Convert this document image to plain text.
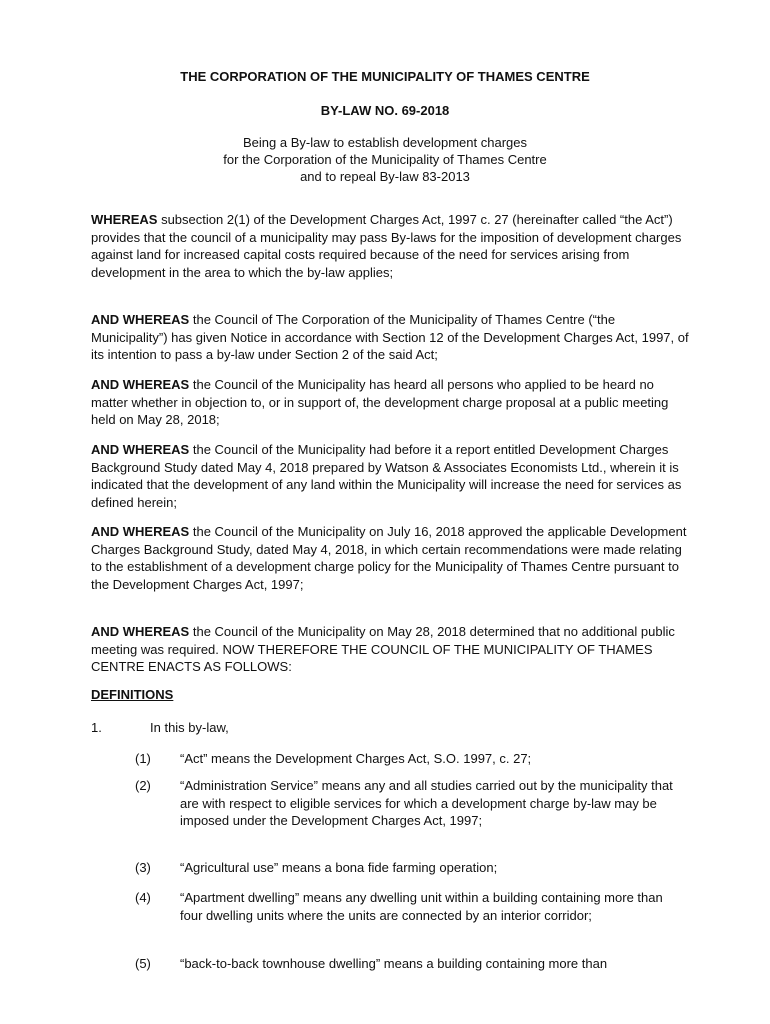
THE CORPORATION OF THE MUNICIPALITY OF THAMES CENTRE
BY-LAW NO. 69-2018
Being a By-law to establish development charges
for the Corporation of the Municipality of Thames Centre
and to repeal By-law 83-2013
WHEREAS subsection 2(1) of the Development Charges Act, 1997 c. 27 (hereinafter called “the Act”) provides that the council of a municipality may pass By-laws for the imposition of development charges against land for increased capital costs required because of the need for services arising from development in the area to which the by-law applies;
AND WHEREAS the Council of The Corporation of the Municipality of Thames Centre (“the Municipality”) has given Notice in accordance with Section 12 of the Development Charges Act, 1997, of its intention to pass a by-law under Section 2 of the said Act;
AND WHEREAS the Council of the Municipality has heard all persons who applied to be heard no matter whether in objection to, or in support of, the development charge proposal at a public meeting held on May 28, 2018;
AND WHEREAS the Council of the Municipality had before it a report entitled Development Charges Background Study dated May 4, 2018 prepared by Watson & Associates Economists Ltd., wherein it is indicated that the development of any land within the Municipality will increase the need for services as defined herein;
AND WHEREAS the Council of the Municipality on July 16, 2018 approved the applicable Development Charges Background Study, dated May 4, 2018, in which certain recommendations were made relating to the establishment of a development charge policy for the Municipality of Thames Centre pursuant to the Development Charges Act, 1997;
AND WHEREAS the Council of the Municipality on May 28, 2018 determined that no additional public meeting was required. NOW THEREFORE THE COUNCIL OF THE MUNICIPALITY OF THAMES CENTRE ENACTS AS FOLLOWS:
DEFINITIONS
1.	In this by-law,
(1) “Act” means the Development Charges Act, S.O. 1997, c. 27;
(2) “Administration Service” means any and all studies carried out by the municipality that are with respect to eligible services for which a development charge by-law may be imposed under the Development Charges Act, 1997;
(3) “Agricultural use” means a bona fide farming operation;
(4) “Apartment dwelling” means any dwelling unit within a building containing more than four dwelling units where the units are connected by an interior corridor;
(5) “back-to-back townhouse dwelling” means a building containing more than
